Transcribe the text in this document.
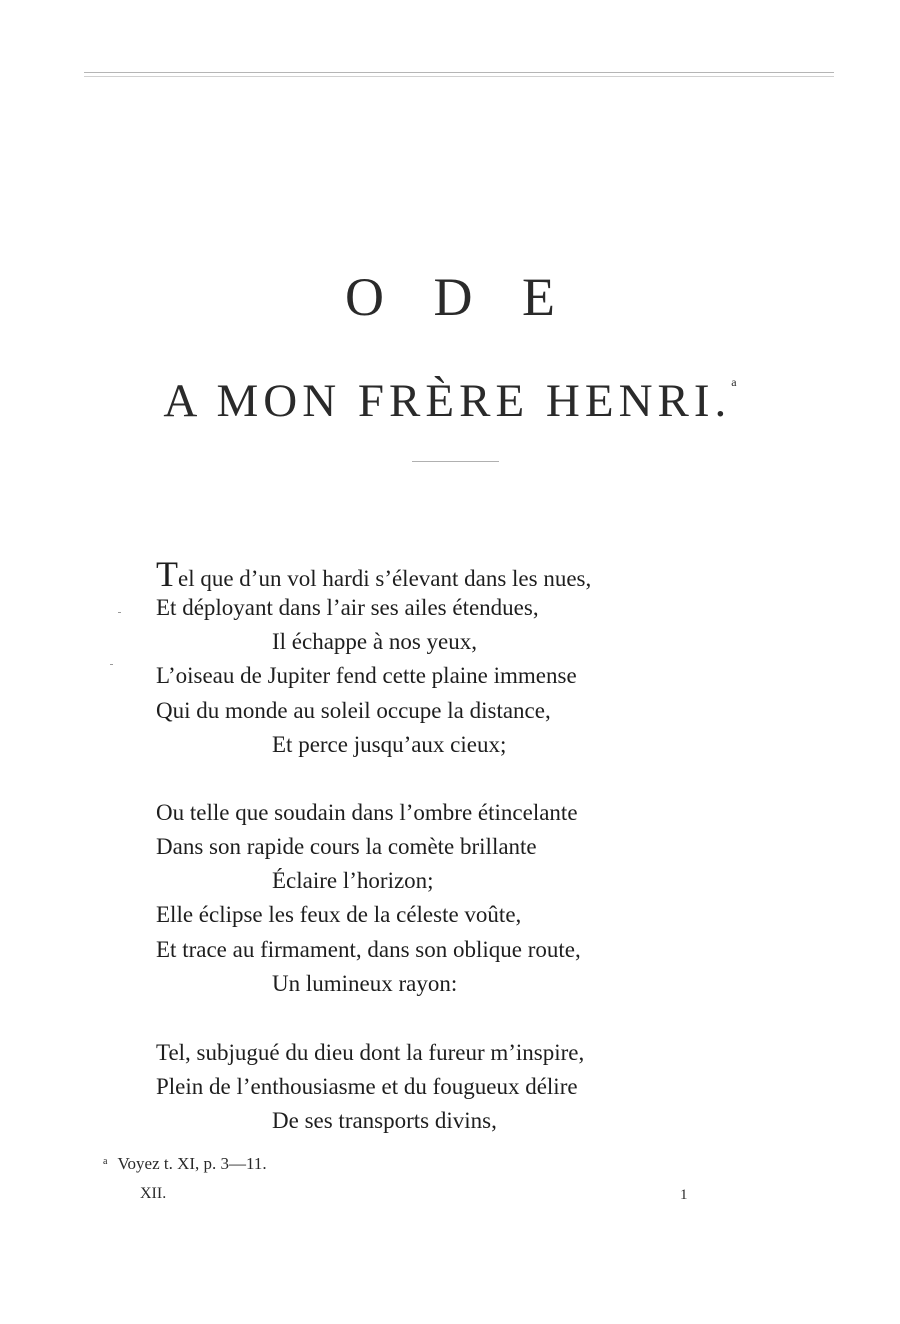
O D E
A MON FRÈRE HENRI.$^a$
Tel que d’un vol hardi s’élevant dans les nues,
Et déployant dans l’air ses ailes étendues,
Il échappe à nos yeux,
L’oiseau de Jupiter fend cette plaine immense
Qui du monde au soleil occupe la distance,
Et perce jusqu’aux cieux;
Ou telle que soudain dans l’ombre étincelante
Dans son rapide cours la comète brillante
Éclaire l’horizon;
Elle éclipse les feux de la céleste voûte,
Et trace au firmament, dans son oblique route,
Un lumineux rayon:
Tel, subjugué du dieu dont la fureur m’inspire,
Plein de l’enthousiasme et du fougueux délire
De ses transports divins,
$^a$ Voyez t. XI, p. 3—11.
XII.	1
